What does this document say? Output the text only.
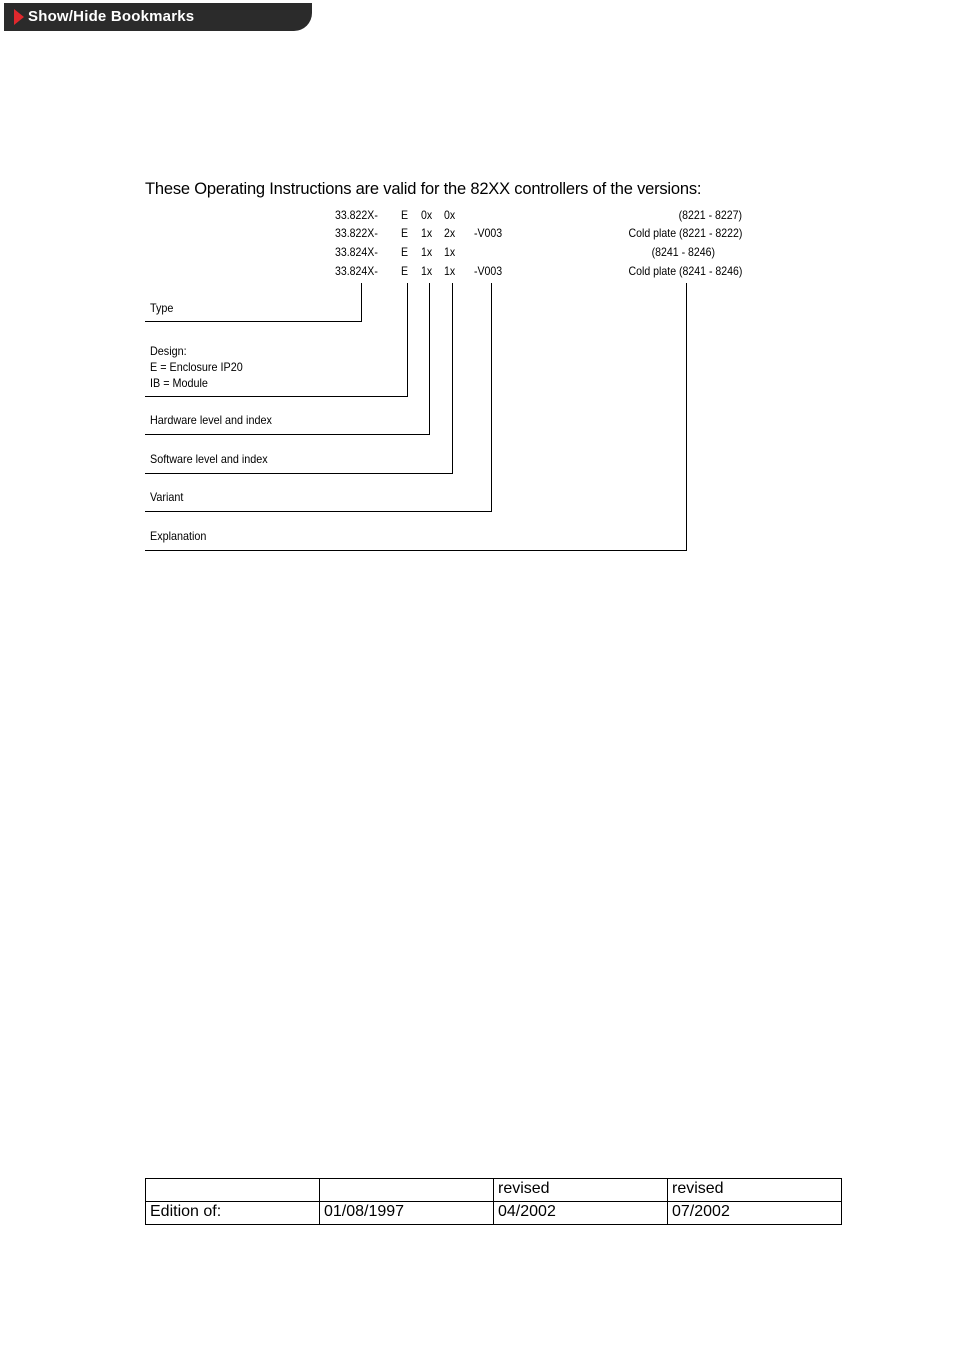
Show/Hide Bookmarks
These Operating Instructions are valid for the 82XX controllers of the versions:
33.822X- E 0x 0x	(8221 - 8227)
33.822X- E 1x 2x -V003	Cold plate (8221 - 8222)
33.824X- E 1x 1x	(8241 - 8246)
33.824X- E 1x 1x -V003	Cold plate (8241 - 8246)
Type
Design:
E = Enclosure IP20
IB = Module
Hardware level and index
Software level and index
Variant
Explanation
		revised	revised
Edition of:	01/08/1997	04/2002	07/2002
